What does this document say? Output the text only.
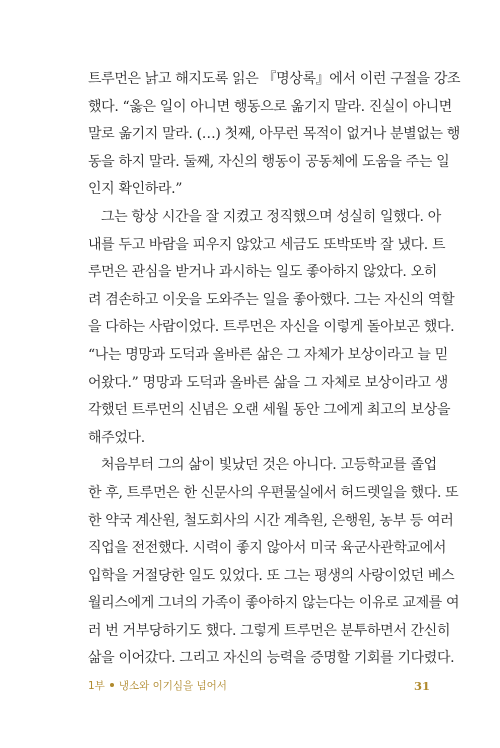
트루먼은 낡고 해지도록 읽은 『명상록』에서 이런 구절을 강조
했다. “옳은 일이 아니면 행동으로 옮기지 말라. 진실이 아니면
말로 옮기지 말라. (…) 첫째, 아무런 목적이 없거나 분별없는 행
동을 하지 말라. 둘째, 자신의 행동이 공동체에 도움을 주는 일
인지 확인하라.”
그는 항상 시간을 잘 지켰고 정직했으며 성실히 일했다. 아
내를 두고 바람을 피우지 않았고 세금도 또박또박 잘 냈다. 트
루먼은 관심을 받거나 과시하는 일도 좋아하지 않았다. 오히
려 겸손하고 이웃을 도와주는 일을 좋아했다. 그는 자신의 역할
을 다하는 사람이었다. 트루먼은 자신을 이렇게 돌아보곤 했다.
“나는 명망과 도덕과 올바른 삶은 그 자체가 보상이라고 늘 믿
어왔다.” 명망과 도덕과 올바른 삶을 그 자체로 보상이라고 생
각했던 트루먼의 신념은 오랜 세월 동안 그에게 최고의 보상을
해주었다.
처음부터 그의 삶이 빛났던 것은 아니다. 고등학교를 졸업
한 후, 트루먼은 한 신문사의 우편물실에서 허드렛일을 했다. 또
한 약국 계산원, 철도회사의 시간 계측원, 은행원, 농부 등 여러
직업을 전전했다. 시력이 좋지 않아서 미국 육군사관학교에서
입학을 거절당한 일도 있었다. 또 그는 평생의 사랑이었던 베스
월리스에게 그녀의 가족이 좋아하지 않는다는 이유로 교제를 여
러 번 거부당하기도 했다. 그렇게 트루먼은 분투하면서 간신히
삶을 이어갔다. 그리고 자신의 능력을 증명할 기회를 기다렸다.
1부 냉소와 이기심을 넘어서	31
